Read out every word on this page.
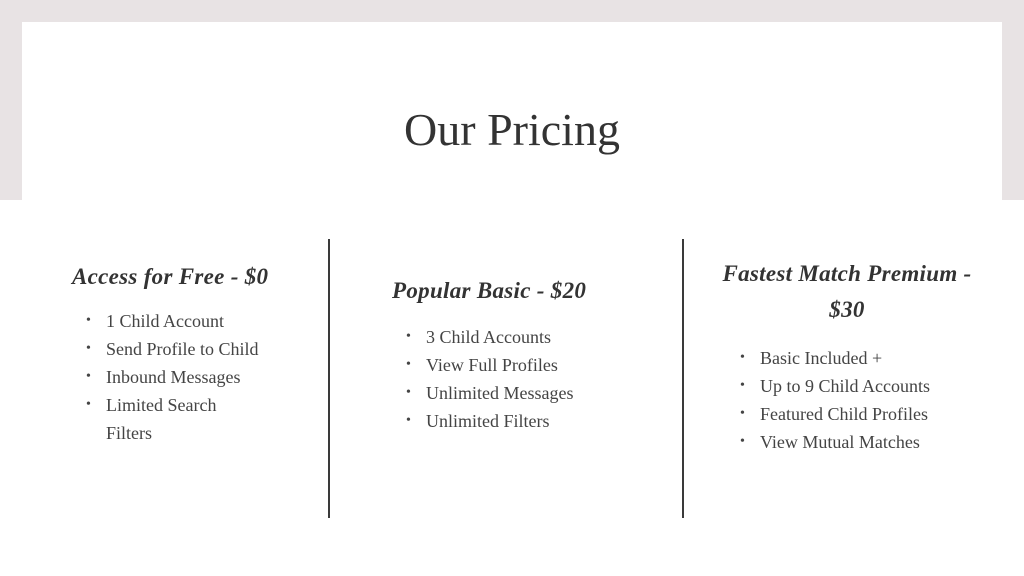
Our Pricing
Access for Free - $0
• 1 Child Account
• Send Profile to Child
• Inbound Messages
• Limited Search Filters
Popular Basic - $20
• 3 Child Accounts
• View Full Profiles
• Unlimited Messages
• Unlimited Filters
Fastest Match Premium - $30
• Basic Included +
• Up to 9 Child Accounts
• Featured Child Profiles
• View Mutual Matches
